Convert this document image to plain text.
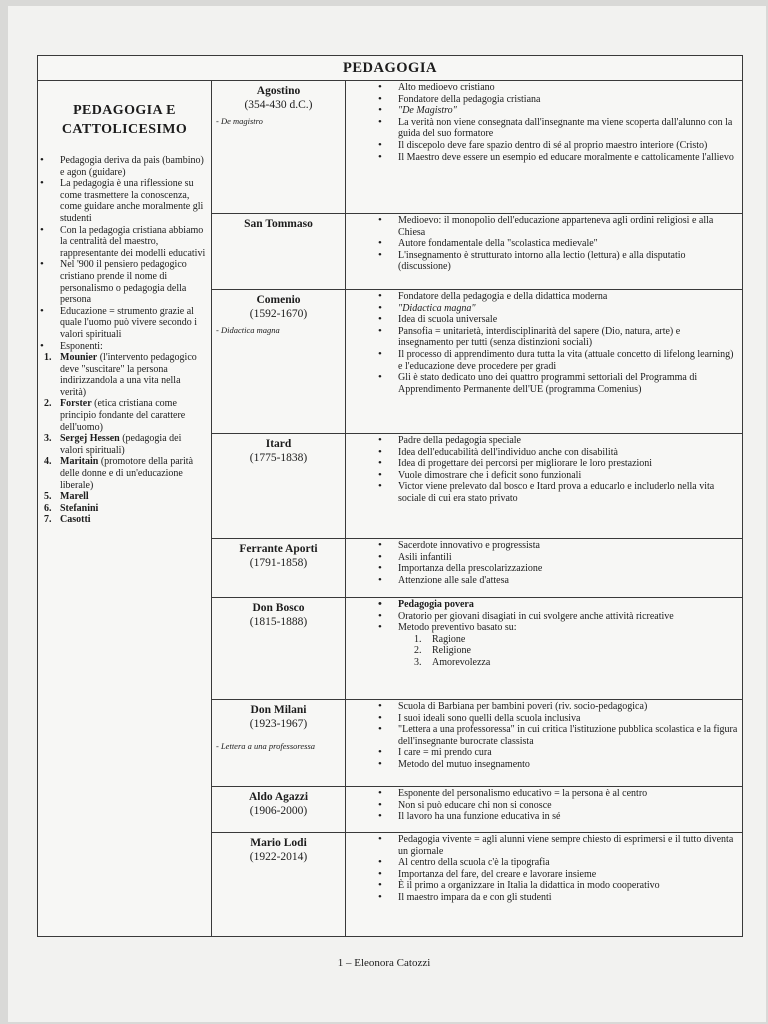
PEDAGOGIA
PEDAGOGIA E
CATTOLICESIMO
• Pedagogia deriva da pais (bambino) e agon (guidare)
• La pedagogia è una riflessione su come trasmettere la conoscenza, come guidare anche moralmente gli studenti
• Con la pedagogia cristiana abbiamo la centralità del maestro, rappresentante dei modelli educativi
• Nel '900 il pensiero pedagogico cristiano prende il nome di personalismo o pedagogia della persona
• Educazione = strumento grazie al quale l'uomo può vivere secondo i valori spirituali
• Esponenti:
1. Mounier (l'intervento pedagogico deve "suscitare" la persona indirizzandola a una vita nella verità)
2. Forster (etica cristiana come principio fondante del carattere dell'uomo)
3. Sergej Hessen (pedagogia dei valori spirituali)
4. Maritain (promotore della parità delle donne e di un'educazione liberale)
5. Marell
6. Stefanini
7. Casotti
Agostino
(354-430 d.C.)
- De magistro
• Alto medioevo cristiano
• Fondatore della pedagogia cristiana
• "De Magistro"
• La verità non viene consegnata dall'insegnante ma viene scoperta dall'alunno con la guida del suo formatore
• Il discepolo deve fare spazio dentro di sé al proprio maestro interiore (Cristo)
• Il Maestro deve essere un esempio ed educare moralmente e cattolicamente l'allievo
San Tommaso
•	Medioevo: il monopolio dell'educazione apparteneva agli ordini religiosi e alla Chiesa
• Autore fondamentale della "scolastica medievale"
• L'insegnamento è strutturato intorno alla lectio (lettura) e alla disputatio (discussione)
Comenio
(1592-1670)
- Didactica magna
• Fondatore della pedagogia e della didattica moderna
• "Didactica magna"
• Idea di scuola universale
• Pansofia = unitarietà, interdisciplinarità del sapere (Dio, natura, arte) e insegnamento per tutti (senza distinzioni sociali)
• Il processo di apprendimento dura tutta la vita (attuale concetto di lifelong learning) e l'educazione deve procedere per gradi
• Gli è stato dedicato uno dei quattro programmi settoriali del Programma di Apprendimento Permanente dell'UE (programma Comenius)
Itard
(1775-1838)
• Padre della pedagogia speciale
• Idea dell'educabilità dell'individuo anche con disabilità
• Idea di progettare dei percorsi per migliorare le loro prestazioni
• Vuole dimostrare che i deficit sono funzionali
• Victor viene prelevato dal bosco e Itard prova a educarlo e includerlo nella vita sociale di cui era stato privato
Ferrante Aporti
(1791-1858)
• Sacerdote innovativo e progressista
• Asili infantili
• Importanza della prescolarizzazione
• Attenzione alle sale d'attesa
Don Bosco
(1815-1888)
• Pedagogia povera
• Oratorio per giovani disagiati in cui svolgere anche attività ricreative
• Metodo preventivo basato su:
1. Ragione
2. Religione
3. Amorevolezza
Don Milani
(1923-1967)
- Lettera a una professoressa
• Scuola di Barbiana per bambini poveri (riv. socio-pedagogica)
• I suoi ideali sono quelli della scuola inclusiva
• "Lettera a una professoressa" in cui critica l'istituzione pubblica scolastica e la figura dell'insegnante burocrate classista
• I care = mi prendo cura
• Metodo del mutuo insegnamento
Aldo Agazzi
(1906-2000)
• Esponente del personalismo educativo = la persona è al centro
• Non si può educare chi non si conosce
• Il lavoro ha una funzione educativa in sé
Mario Lodi
(1922-2014)
• Pedagogia vivente = agli alunni viene sempre chiesto di esprimersi e il tutto diventa un giornale
• Al centro della scuola c'è la tipografia
• Importanza del fare, del creare e lavorare insieme
• È il primo a organizzare in Italia la didattica in modo cooperativo
• Il maestro impara da e con gli studenti
1 – Eleonora Catozzi
